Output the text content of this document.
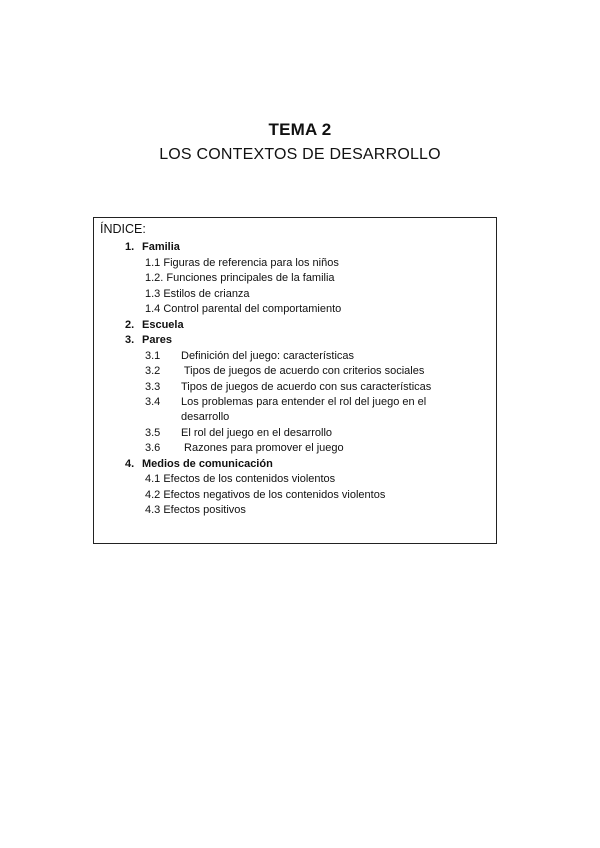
TEMA 2
LOS CONTEXTOS DE DESARROLLO
ÍNDICE:
1. Familia
1.1 Figuras de referencia para los niños
1.2. Funciones principales de la familia
1.3 Estilos de crianza
1.4 Control parental del comportamiento
2. Escuela
3. Pares
3.1 Definición del juego: características
3.2 Tipos de juegos de acuerdo con criterios sociales
3.3 Tipos de juegos de acuerdo con sus características
3.4 Los problemas para entender el rol del juego en el
desarrollo
3.5 El rol del juego en el desarrollo
3.6 Razones para promover el juego
4. Medios de comunicación
4.1 Efectos de los contenidos violentos
4.2 Efectos negativos de los contenidos violentos
4.3 Efectos positivos
